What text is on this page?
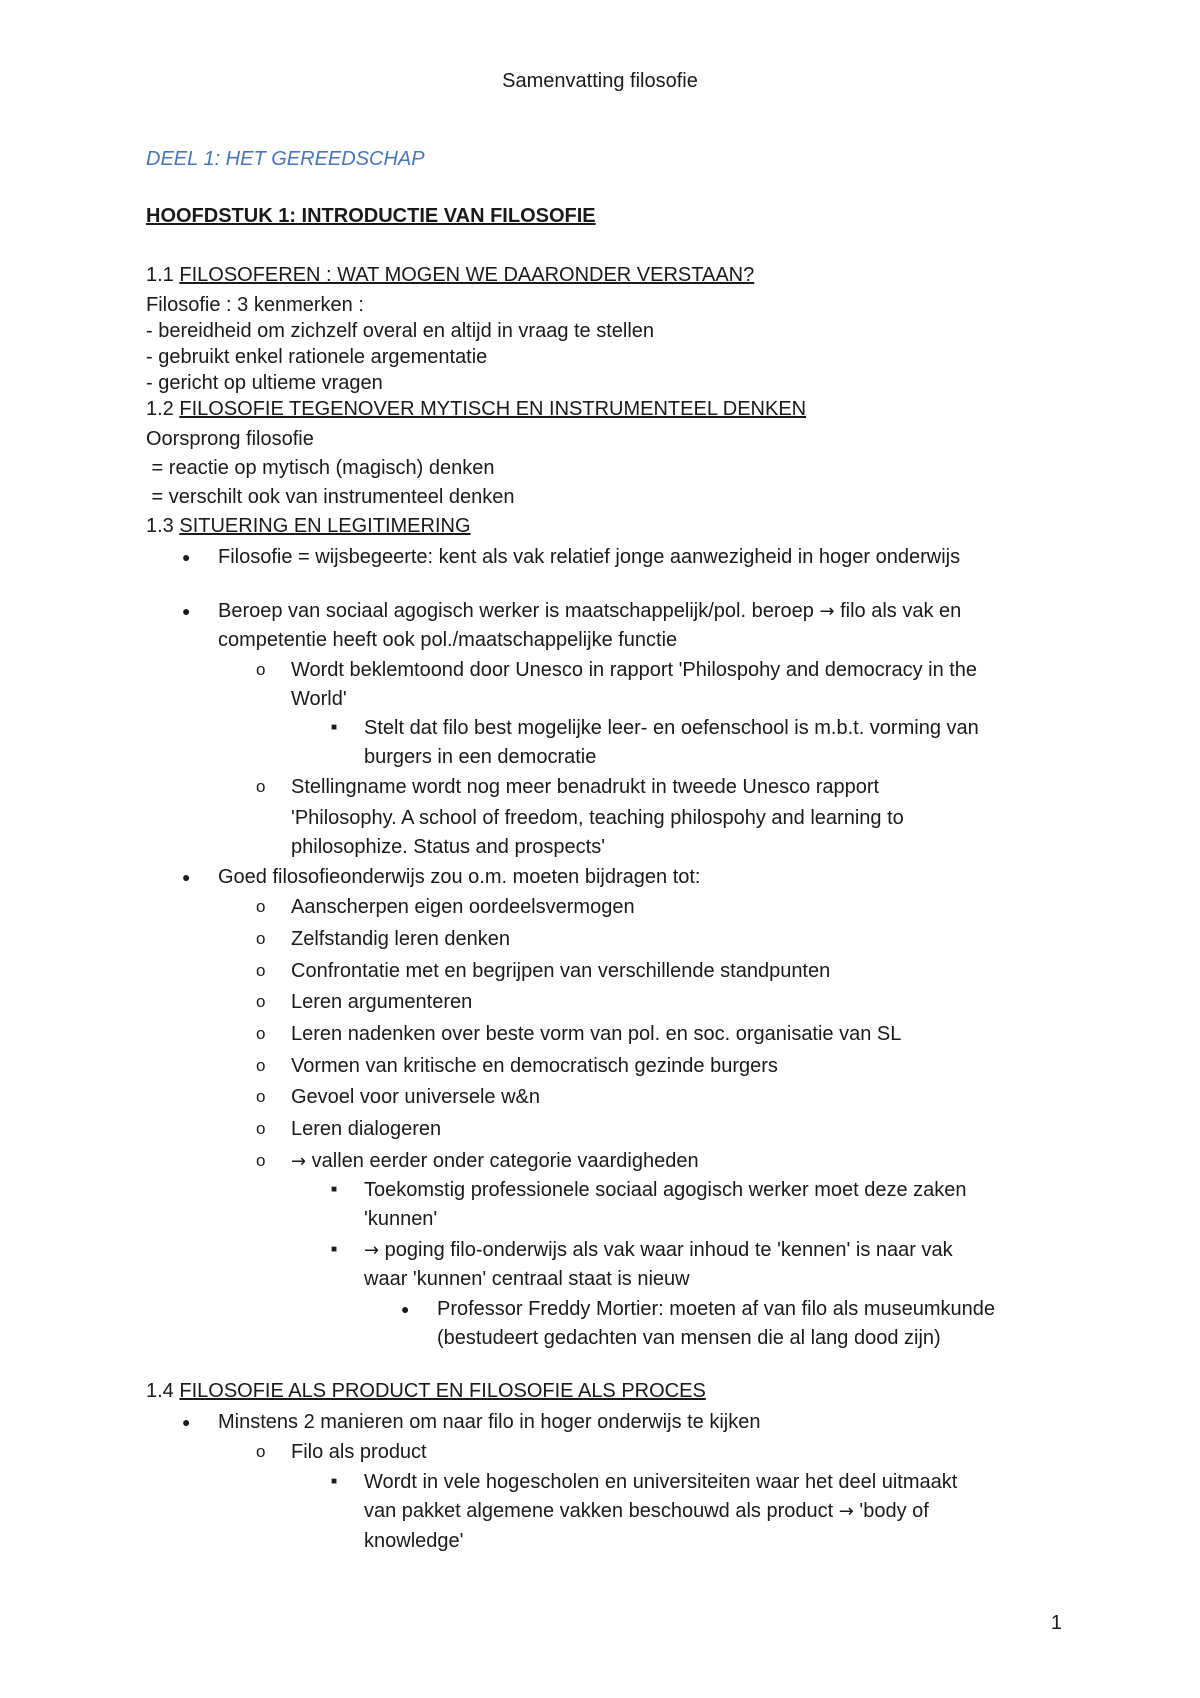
Samenvatting filosofie
DEEL 1: HET GEREEDSCHAP
HOOFDSTUK 1: INTRODUCTIE VAN FILOSOFIE
1.1 FILOSOFEREN : WAT MOGEN WE DAARONDER VERSTAAN?
Filosofie : 3 kenmerken :
- bereidheid om zichzelf overal en altijd in vraag te stellen
- gebruikt enkel rationele argementatie
- gericht op ultieme vragen
1.2 FILOSOFIE TEGENOVER MYTISCH EN INSTRUMENTEEL DENKEN
Oorsprong filosofie
= reactie op mytisch (magisch) denken
= verschilt ook van instrumenteel denken
1.3 SITUERING EN LEGITIMERING
● Filosofie = wijsbegeerte: kent als vak relatief jonge aanwezigheid in hoger onderwijs
● Beroep van sociaal agogisch werker is maatschappelijk/pol. beroep → filo als vak en
competentie heeft ook pol./maatschappelijke functie
o Wordt beklemtoond door Unesco in rapport 'Philospohy and democracy in the
World'
■ Stelt dat filo best mogelijke leer- en oefenschool is m.b.t. vorming van
burgers in een democratie
o Stellingname wordt nog meer benadrukt in tweede Unesco rapport
'Philosophy. A school of freedom, teaching philospohy and learning to
philosophize. Status and prospects'
● Goed filosofieonderwijs zou o.m. moeten bijdragen tot:
o Aanscherpen eigen oordeelsvermogen
o Zelfstandig leren denken
o Confrontatie met en begrijpen van verschillende standpunten
o Leren argumenteren
o Leren nadenken over beste vorm van pol. en soc. organisatie van SL
o Vormen van kritische en democratisch gezinde burgers
o Gevoel voor universele w&n
o Leren dialogeren
o → vallen eerder onder categorie vaardigheden
■ Toekomstig professionele sociaal agogisch werker moet deze zaken
'kunnen'
■ → poging filo-onderwijs als vak waar inhoud te 'kennen' is naar vak
waar 'kunnen' centraal staat is nieuw
● Professor Freddy Mortier: moeten af van filo als museumkunde
(bestudeert gedachten van mensen die al lang dood zijn)
1.4 FILOSOFIE ALS PRODUCT EN FILOSOFIE ALS PROCES
● Minstens 2 manieren om naar filo in hoger onderwijs te kijken
o Filo als product
■ Wordt in vele hogescholen en universiteiten waar het deel uitmaakt
van pakket algemene vakken beschouwd als product → 'body of
knowledge'
1
